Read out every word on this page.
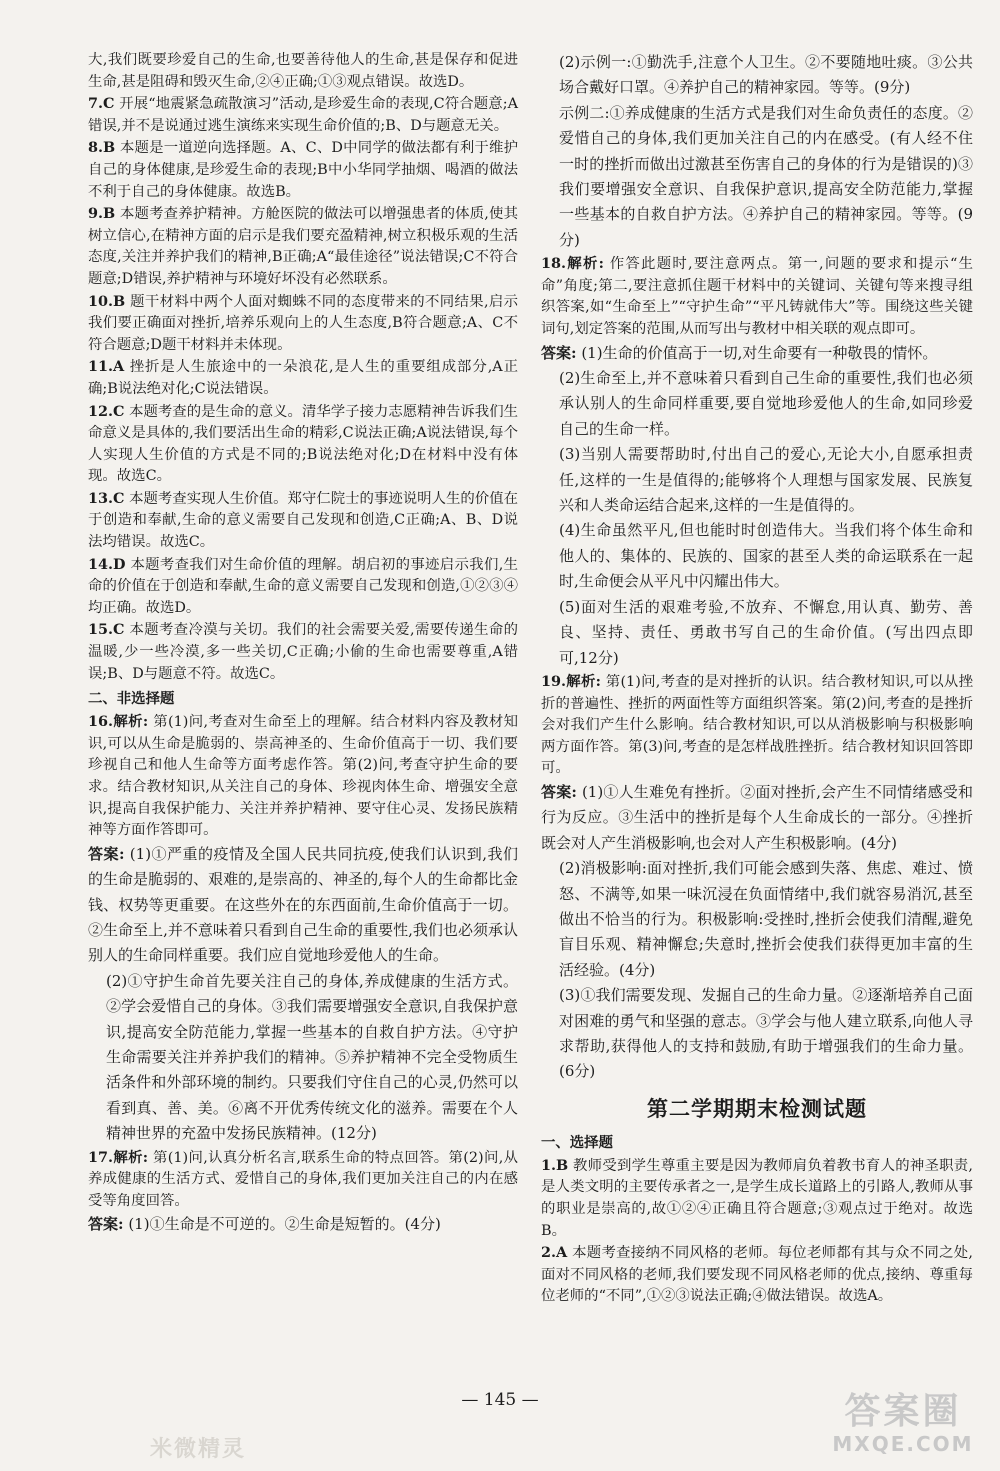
大,我们既要珍爱自己的生命,也要善待他人的生命,甚是保存和促进生命,甚是阻碍和毁灭生命,②④正确;①③观点错误。故选D。

7.C 开展“地震紧急疏散演习”活动,是珍爱生命的表现,C符合题意;A错误,并不是说通过逃生演练来实现生命价值的;B、D与题意无关。

8.B 本题是一道逆向选择题。A、C、D中同学的做法都有利于维护自己的身体健康,是珍爱生命的表现;B中小华同学抽烟、喝酒的做法不利于自己的身体健康。故选B。

9.B 本题考查养护精神。方舱医院的做法可以增强患者的体质,使其树立信心,在精神方面的启示是我们要充盈精神,树立积极乐观的生活态度,关注并养护我们的精神,B正确;A“最佳途径”说法错误;C不符合题意;D错误,养护精神与环境好坏没有必然联系。

10.B 题干材料中两个人面对蜘蛛不同的态度带来的不同结果,启示我们要正确面对挫折,培养乐观向上的人生态度,B符合题意;A、C不符合题意;D题干材料并未体现。

11.A 挫折是人生旅途中的一朵浪花,是人生的重要组成部分,A正确;B说法绝对化;C说法错误。

12.C 本题考查的是生命的意义。清华学子接力志愿精神告诉我们生命意义是具体的,我们要活出生命的精彩,C说法正确;A说法错误,每个人实现人生价值的方式是不同的;B说法绝对化;D在材料中没有体现。故选C。

13.C 本题考查实现人生价值。郑守仁院士的事迹说明人生的价值在于创造和奉献,生命的意义需要自己发现和创造,C正确;A、B、D说法均错误。故选C。

14.D 本题考查我们对生命价值的理解。胡启初的事迹启示我们,生命的价值在于创造和奉献,生命的意义需要自己发现和创造,①②③④均正确。故选D。

15.C 本题考查冷漠与关切。我们的社会需要关爱,需要传递生命的温暖,少一些冷漠,多一些关切,C正确;小偷的生命也需要尊重,A错误;B、D与题意不符。故选C。

二、非选择题

16.解析: 第(1)问,考查对生命至上的理解。结合材料内容及教材知识,可以从生命是脆弱的、崇高神圣的、生命价值高于一切、我们要珍视自己和他人生命等方面考虑作答。第(2)问,考查守护生命的要求。结合教材知识,从关注自己的身体、珍视肉体生命、增强安全意识,提高自我保护能力、关注并养护精神、要守住心灵、发扬民族精神等方面作答即可。

答案: (1)①严重的疫情及全国人民共同抗疫,使我们认识到,我们的生命是脆弱的、艰难的,是崇高的、神圣的,每个人的生命都比金钱、权势等更重要。在这些外在的东西面前,生命价值高于一切。②生命至上,并不意味着只看到自己生命的重要性,我们也必须承认别人的生命同样重要。我们应自觉地珍爱他人的生命。

(2)①守护生命首先要关注自己的身体,养成健康的生活方式。②学会爱惜自己的身体。③我们需要增强安全意识,自我保护意识,提高安全防范能力,掌握一些基本的自救自护方法。④守护生命需要关注并养护我们的精神。⑤养护精神不完全受物质生活条件和外部环境的制约。只要我们守住自己的心灵,仍然可以看到真、善、美。⑥离不开优秀传统文化的滋养。需要在个人精神世界的充盈中发扬民族精神。(12分)

17.解析: 第(1)问,认真分析名言,联系生命的特点回答。第(2)问,从养成健康的生活方式、爱惜自己的身体,我们更加关注自己的内在感受等角度回答。

答案: (1)①生命是不可逆的。②生命是短暂的。(4分)

(2)示例一:①勤洗手,注意个人卫生。②不要随地吐痰。③公共场合戴好口罩。④养护自己的精神家园。等等。(9分)

示例二:①养成健康的生活方式是我们对生命负责任的态度。②爱惜自己的身体,我们更加关注自己的内在感受。(有人经不住一时的挫折而做出过激甚至伤害自己的身体的行为是错误的)③我们要增强安全意识、自我保护意识,提高安全防范能力,掌握一些基本的自救自护方法。④养护自己的精神家园。等等。(9分)

18.解析: 作答此题时,要注意两点。第一,问题的要求和提示“生命”角度;第二,要注意抓住题干材料中的关键词、关键句等来搜寻组织答案,如“生命至上”“守护生命”“平凡铸就伟大”等。围绕这些关键词句,划定答案的范围,从而写出与教材中相关联的观点即可。

答案: (1)生命的价值高于一切,对生命要有一种敬畏的情怀。

(2)生命至上,并不意味着只看到自己生命的重要性,我们也必须承认别人的生命同样重要,要自觉地珍爱他人的生命,如同珍爱自己的生命一样。

(3)当别人需要帮助时,付出自己的爱心,无论大小,自愿承担责任,这样的一生是值得的;能够将个人理想与国家发展、民族复兴和人类命运结合起来,这样的一生是值得的。

(4)生命虽然平凡,但也能时时创造伟大。当我们将个体生命和他人的、集体的、民族的、国家的甚至人类的命运联系在一起时,生命便会从平凡中闪耀出伟大。

(5)面对生活的艰难考验,不放弃、不懈怠,用认真、勤劳、善良、坚持、责任、勇敢书写自己的生命价值。(写出四点即可,12分)

19.解析: 第(1)问,考查的是对挫折的认识。结合教材知识,可以从挫折的普遍性、挫折的两面性等方面组织答案。第(2)问,考查的是挫折会对我们产生什么影响。结合教材知识,可以从消极影响与积极影响两方面作答。第(3)问,考查的是怎样战胜挫折。结合教材知识回答即可。

答案: (1)①人生难免有挫折。②面对挫折,会产生不同情绪感受和行为反应。③生活中的挫折是每个人生命成长的一部分。④挫折既会对人产生消极影响,也会对人产生积极影响。(4分)

(2)消极影响:面对挫折,我们可能会感到失落、焦虑、难过、愤怒、不满等,如果一味沉浸在负面情绪中,我们就容易消沉,甚至做出不恰当的行为。积极影响:受挫时,挫折会使我们清醒,避免盲目乐观、精神懈怠;失意时,挫折会使我们获得更加丰富的生活经验。(4分)

(3)①我们需要发现、发掘自己的生命力量。②逐渐培养自己面对困难的勇气和坚强的意志。③学会与他人建立联系,向他人寻求帮助,获得他人的支持和鼓励,有助于增强我们的生命力量。(6分)

第二学期期末检测试题
一、选择题

1.B 教师受到学生尊重主要是因为教师肩负着教书育人的神圣职责,是人类文明的主要传承者之一,是学生成长道路上的引路人,教师从事的职业是崇高的,故①②④正确且符合题意;③观点过于绝对。故选B。

2.A 本题考查接纳不同风格的老师。每位老师都有其与众不同之处,面对不同风格的老师,我们要发现不同风格老师的优点,接纳、尊重每位老师的“不同”,①②③说法正确;④做法错误。故选A。

— 145 —	答案圈
MXQE.COM
米微精灵
